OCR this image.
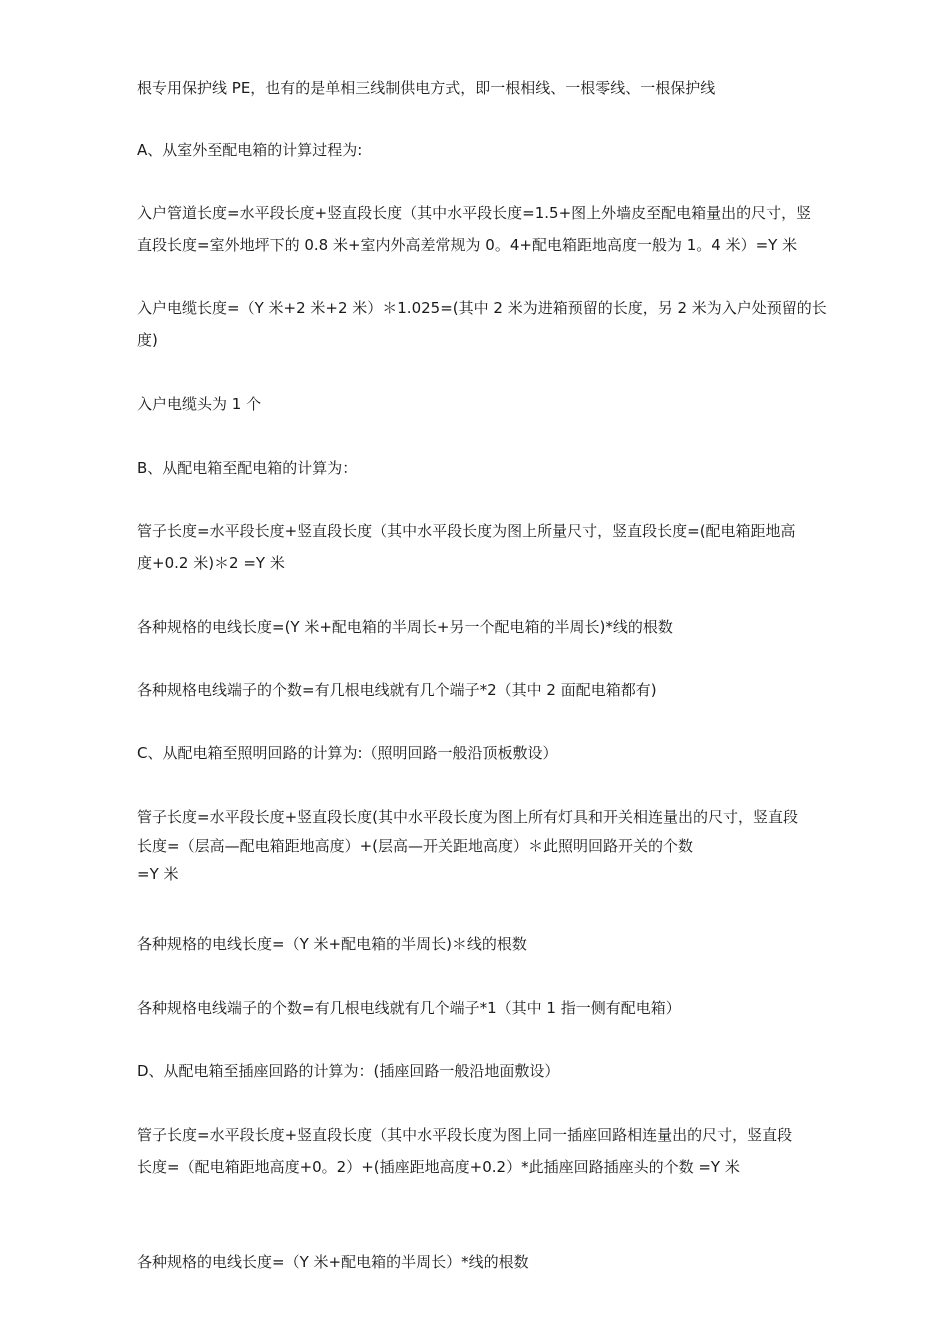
根专用保护线 PE，也有的是单相三线制供电方式，即一根相线、一根零线、一根保护线

A、从室外至配电箱的计算过程为:

入户管道长度=水平段长度+竖直段长度（其中水平段长度=1.5+图上外墙皮至配电箱量出的尺寸，竖
直段长度=室外地坪下的 0.8 米+室内外高差常规为 0。4+配电箱距地高度一般为 1。4 米）=Y 米

入户电缆长度=（Y 米+2 米+2 米）＊1.025=(其中 2 米为进箱预留的长度，另 2 米为入户处预留的长
度)

入户电缆头为 1 个

B、从配电箱至配电箱的计算为：

管子长度=水平段长度+竖直段长度（其中水平段长度为图上所量尺寸，竖直段长度=(配电箱距地高
度+0.2 米)＊2 =Y 米

各种规格的电线长度=(Y 米+配电箱的半周长+另一个配电箱的半周长)*线的根数

各种规格电线端子的个数=有几根电线就有几个端子*2（其中 2 面配电箱都有)

C、从配电箱至照明回路的计算为:（照明回路一般沿顶板敷设）

管子长度=水平段长度+竖直段长度(其中水平段长度为图上所有灯具和开关相连量出的尺寸，竖直段
长度=（层高—配电箱距地高度）+(层高—开关距地高度）＊此照明回路开关的个数
=Y 米

各种规格的电线长度=（Y 米+配电箱的半周长)＊线的根数

各种规格电线端子的个数=有几根电线就有几个端子*1（其中 1 指一侧有配电箱）

D、从配电箱至插座回路的计算为：(插座回路一般沿地面敷设）

管子长度=水平段长度+竖直段长度（其中水平段长度为图上同一插座回路相连量出的尺寸，竖直段
长度=（配电箱距地高度+0。2）+(插座距地高度+0.2）*此插座回路插座头的个数 =Y 米

各种规格的电线长度=（Y 米+配电箱的半周长）*线的根数
